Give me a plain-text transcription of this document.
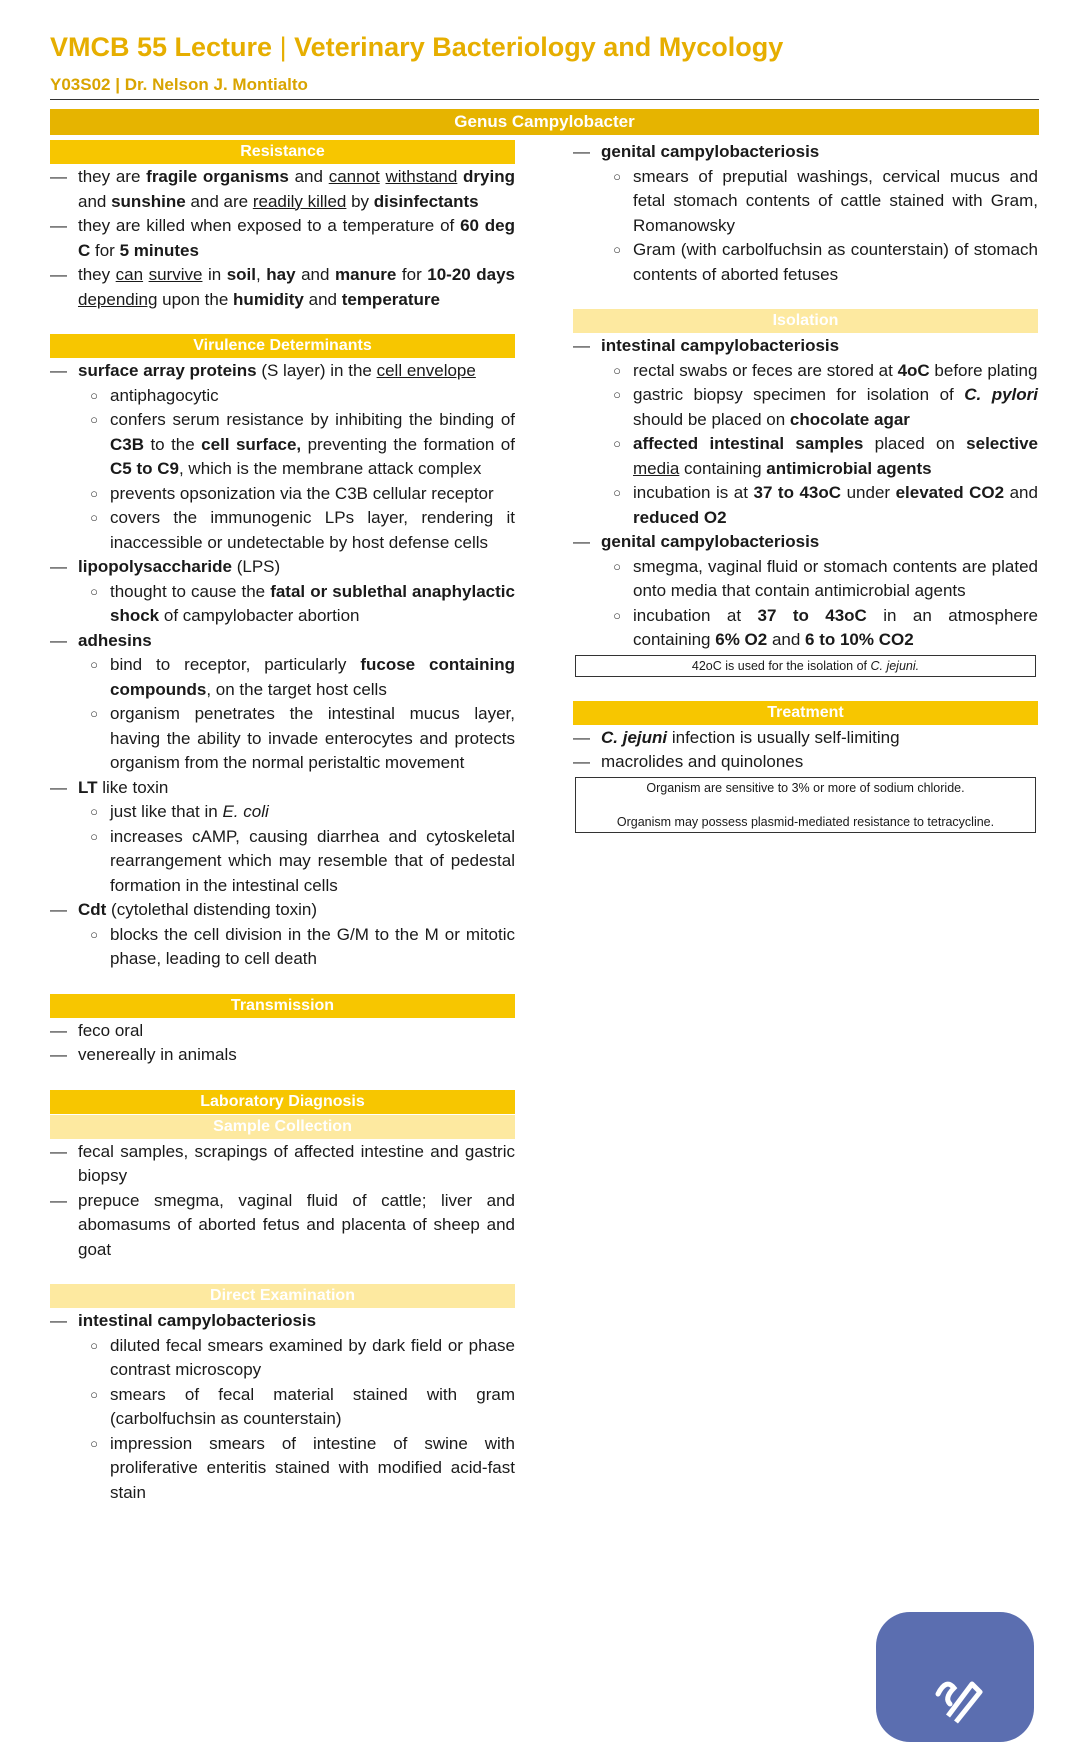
VMCB 55 Lecture | Veterinary Bacteriology and Mycology
Y03S02 | Dr. Nelson J. Montialto
Genus Campylobacter
Resistance
— they are fragile organisms and cannot withstand drying and sunshine and are readily killed by disinfectants
— they are killed when exposed to a temperature of 60 deg C for 5 minutes
— they can survive in soil, hay and manure for 10-20 days depending upon the humidity and temperature
Virulence Determinants
— surface array proteins (S layer) in the cell envelope
○ antiphagocytic
○ confers serum resistance by inhibiting the binding of C3B to the cell surface, preventing the formation of C5 to C9, which is the membrane attack complex
○ prevents opsonization via the C3B cellular receptor
○ covers the immunogenic LPs layer, rendering it inaccessible or undetectable by host defense cells
— lipopolysaccharide (LPS)
○ thought to cause the fatal or sublethal anaphylactic shock of campylobacter abortion
— adhesins
○ bind to receptor, particularly fucose containing compounds, on the target host cells
○ organism penetrates the intestinal mucus layer, having the ability to invade enterocytes and protects organism from the normal peristaltic movement
— LT like toxin
○ just like that in E. coli
○ increases cAMP, causing diarrhea and cytoskeletal rearrangement which may resemble that of pedestal formation in the intestinal cells
— Cdt (cytolethal distending toxin)
○ blocks the cell division in the G/M to the M or mitotic phase, leading to cell death
Transmission
— feco oral
— venereally in animals
Laboratory Diagnosis
Sample Collection
— fecal samples, scrapings of affected intestine and gastric biopsy
— prepuce smegma, vaginal fluid of cattle; liver and abomasums of aborted fetus and placenta of sheep and goat
Direct Examination
— intestinal campylobacteriosis
○ diluted fecal smears examined by dark field or phase contrast microscopy
○ smears of fecal material stained with gram (carbolfuchsin as counterstain)
○ impression smears of intestine of swine with proliferative enteritis stained with modified acid-fast stain
— genital campylobacteriosis
○ smears of preputial washings, cervical mucus and fetal stomach contents of cattle stained with Gram, Romanowsky
○ Gram (with carbolfuchsin as counterstain) of stomach contents of aborted fetuses
Isolation
— intestinal campylobacteriosis
○ rectal swabs or feces are stored at 4oC before plating
○ gastric biopsy specimen for isolation of C. pylori should be placed on chocolate agar
○ affected intestinal samples placed on selective media containing antimicrobial agents
○ incubation is at 37 to 43oC under elevated CO2 and reduced O2
— genital campylobacteriosis
○ smegma, vaginal fluid or stomach contents are plated onto media that contain antimicrobial agents
○ incubation at 37 to 43oC in an atmosphere containing 6% O2 and 6 to 10% CO2
42oC is used for the isolation of C. jejuni.
Treatment
— C. jejuni infection is usually self-limiting
— macrolides and quinolones
Organism are sensitive to 3% or more of sodium chloride.
Organism may possess plasmid-mediated resistance to tetracycline.
